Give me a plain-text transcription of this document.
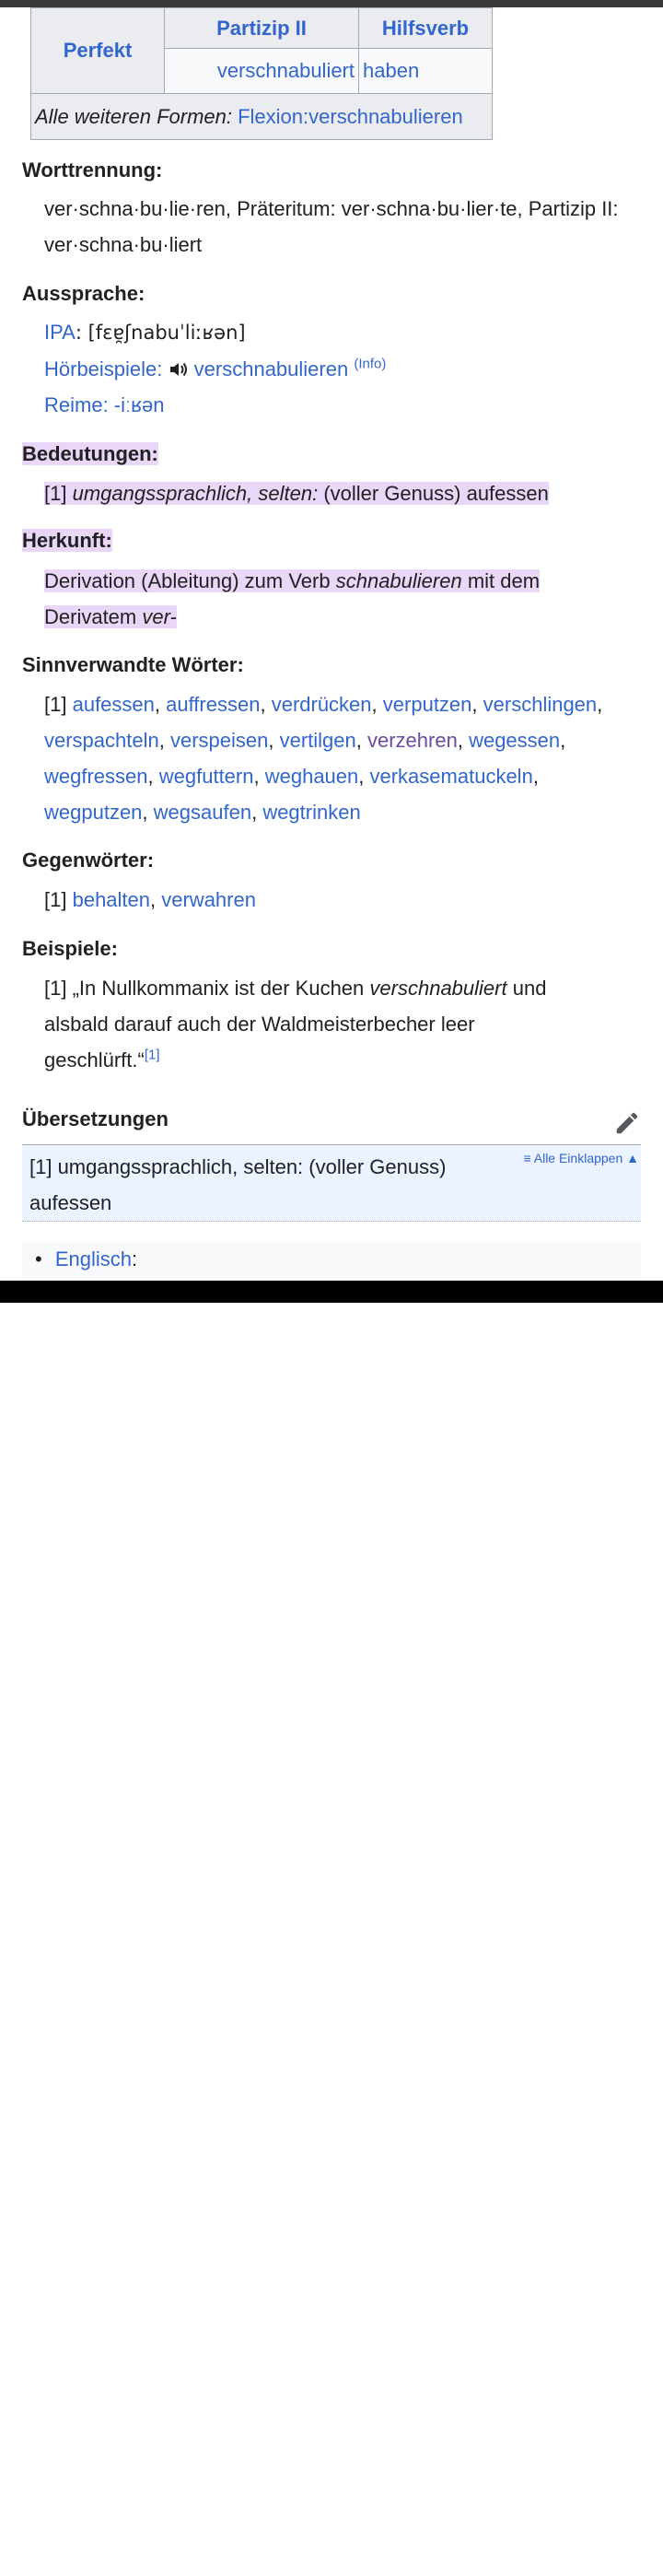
Perfekt	Partizip II	Hilfsverb
	verschnabuliert	haben
Alle weiteren Formen: Flexion:verschnabulieren		
Worttrennung:
ver·schna·bu·lie·ren, Präteritum: ver·schna·bu·lier·te, Partizip II:
ver·schna·bu·liert
Aussprache:
IPA: [fɛɐ̯ʃnabuˈliːʁən]
Hörbeispiele: verschnabulieren $^{(Info)}$
Reime: -iːʁən
Bedeutungen:
[1] umgangssprachlich, selten: (voller Genuss) aufessen
Herkunft:
Derivation (Ableitung) zum Verb schnabulieren mit dem
Derivatem ver-
Sinnverwandte Wörter:
[1] aufessen, auffressen, verdrücken, verputzen, verschlingen,
verspachteln, verspeisen, vertilgen, verzehren, wegessen,
wegfressen, wegfuttern, weghauen, verkasematuckeln,
wegputzen, wegsaufen, wegtrinken
Gegenwörter:
[1] behalten, verwahren
Beispiele:
[1] „In Nullkommanix ist der Kuchen verschnabuliert und
alsbald darauf auch der Waldmeisterbecher leer
geschlürft.“[1]
Übersetzungen
[1] umgangssprachlich, selten: (voller Genuss) aufessen
≡ Alle Einklappen ▲
• Englisch:
